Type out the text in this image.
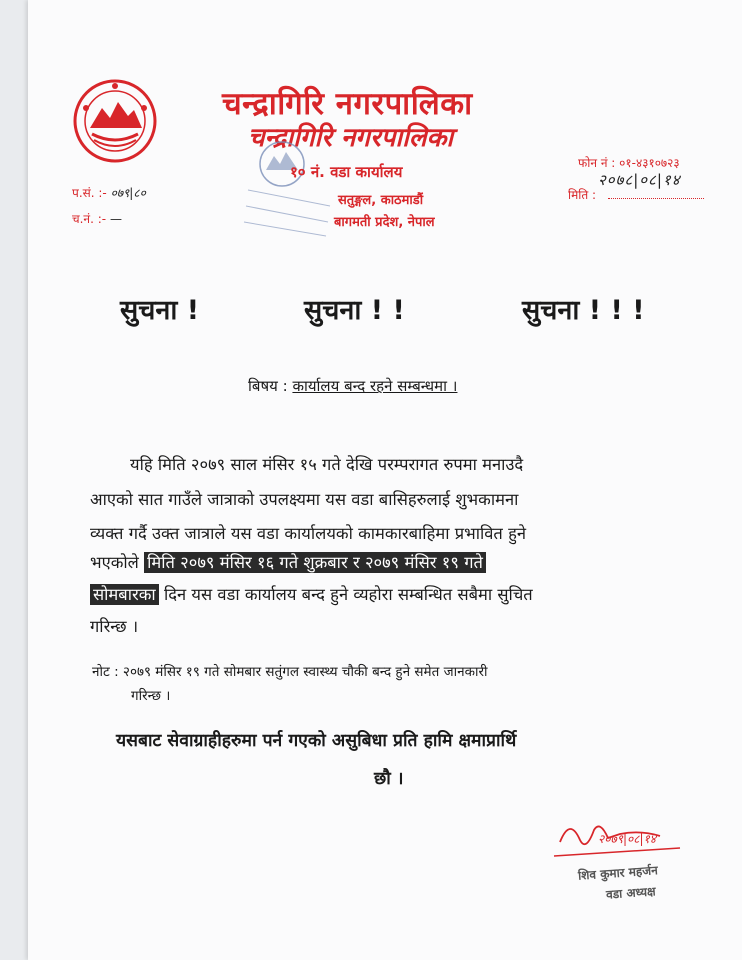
चन्द्रागिरि नगरपालिका
चन्द्रागिरि नगरपालिका
१० नं. वडा कार्यालय
सतुङ्गल, काठमाडौं
बागमती प्रदेश, नेपाल
प.सं. :- ०७९|८०
च.नं. :- —
फोन नं : ०१-४३१०७२३
२०७८|०८|१४
मिति :
सुचना !	सुचना ! !	सुचना ! ! !
बिषय : कार्यालय बन्द रहने सम्बन्धमा ।
यहि मिति २०७९ साल मंसिर १५ गते देखि परम्परागत रुपमा मनाउदै
आएको सात गाउँले जात्राको उपलक्ष्यमा यस वडा बासिहरुलाई शुभकामना
व्यक्त गर्दै उक्त जात्राले यस वडा कार्यालयको कामकारबाहिमा प्रभावित हुने
भएकोले मिति २०७९ मंसिर १६ गते शुक्रबार र २०७९ मंसिर १९ गते
सोमबारका दिन यस वडा कार्यालय बन्द हुने व्यहोरा सम्बन्धित सबैमा सुचित
गरिन्छ ।
नोट : २०७९ मंसिर १९ गते सोमबार सतुंगल स्वास्थ्य चौकी बन्द हुने समेत जानकारी
गरिन्छ ।
यसबाट सेवाग्राहीहरुमा पर्न गएको असुबिधा प्रति हामि क्षमाप्रार्थि
छौ ।
२०७९|०८|१४
शिव कुमार महर्जन
वडा अध्यक्ष
